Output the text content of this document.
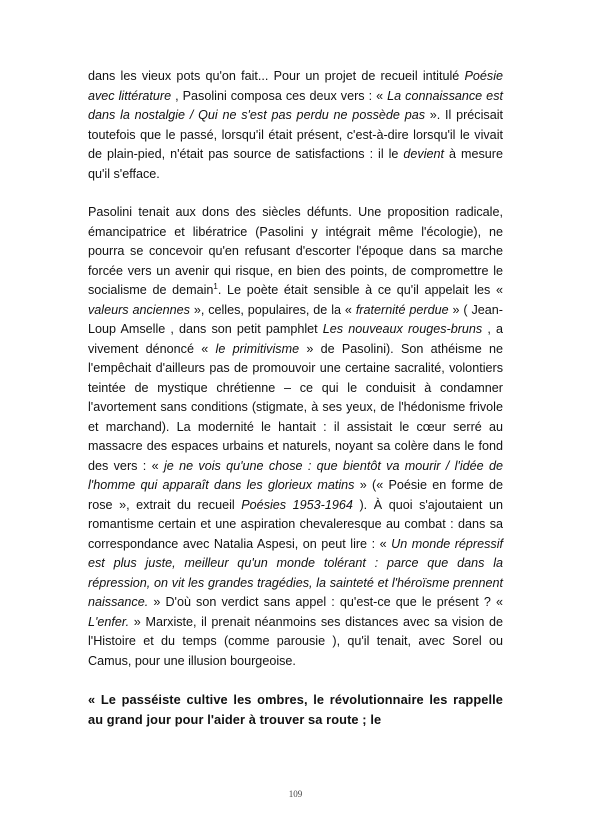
dans les vieux pots qu'on fait... Pour un projet de recueil intitulé Poésie avec littérature , Pasolini composa ces deux vers : « La connaissance est dans la nostalgie / Qui ne s'est pas perdu ne possède pas ». Il précisait toutefois que le passé, lorsqu'il était présent, c'est-à-dire lorsqu'il le vivait de plain-pied, n'était pas source de satisfactions : il le devient à mesure qu'il s'efface.

Pasolini tenait aux dons des siècles défunts. Une proposition radicale, émancipatrice et libératrice (Pasolini y intégrait même l'écologie), ne pourra se concevoir qu'en refusant d'escorter l'époque dans sa marche forcée vers un avenir qui risque, en bien des points, de compromettre le socialisme de demain$^1$. Le poète était sensible à ce qu'il appelait les « valeurs anciennes », celles, populaires, de la « fraternité perdue » ( Jean-Loup Amselle , dans son petit pamphlet Les nouveaux rouges-bruns , a vivement dénoncé « le primitivisme » de Pasolini). Son athéisme ne l'empêchait d'ailleurs pas de promouvoir une certaine sacralité, volontiers teintée de mystique chrétienne – ce qui le conduisit à condamner l'avortement sans conditions (stigmate, à ses yeux, de l'hédonisme frivole et marchand). La modernité le hantait : il assistait le cœur serré au massacre des espaces urbains et naturels, noyant sa colère dans le fond des vers : « je ne vois qu'une chose : que bientôt va mourir / l'idée de l'homme qui apparaît dans les glorieux matins » (« Poésie en forme de rose », extrait du recueil Poésies 1953-1964 ). À quoi s'ajoutaient un romantisme certain et une aspiration chevaleresque au combat : dans sa correspondance avec Natalia Aspesi, on peut lire : « Un monde répressif est plus juste, meilleur qu'un monde tolérant : parce que dans la répression, on vit les grandes tragédies, la sainteté et l'héroïsme prennent naissance. » D'où son verdict sans appel : qu'est-ce que le présent ? « L'enfer. » Marxiste, il prenait néanmoins ses distances avec sa vision de l'Histoire et du temps (comme parousie ), qu'il tenait, avec Sorel ou Camus, pour une illusion bourgeoise.

« Le passéiste cultive les ombres, le révolutionnaire les rappelle au grand jour pour l'aider à trouver sa route ; le

109
